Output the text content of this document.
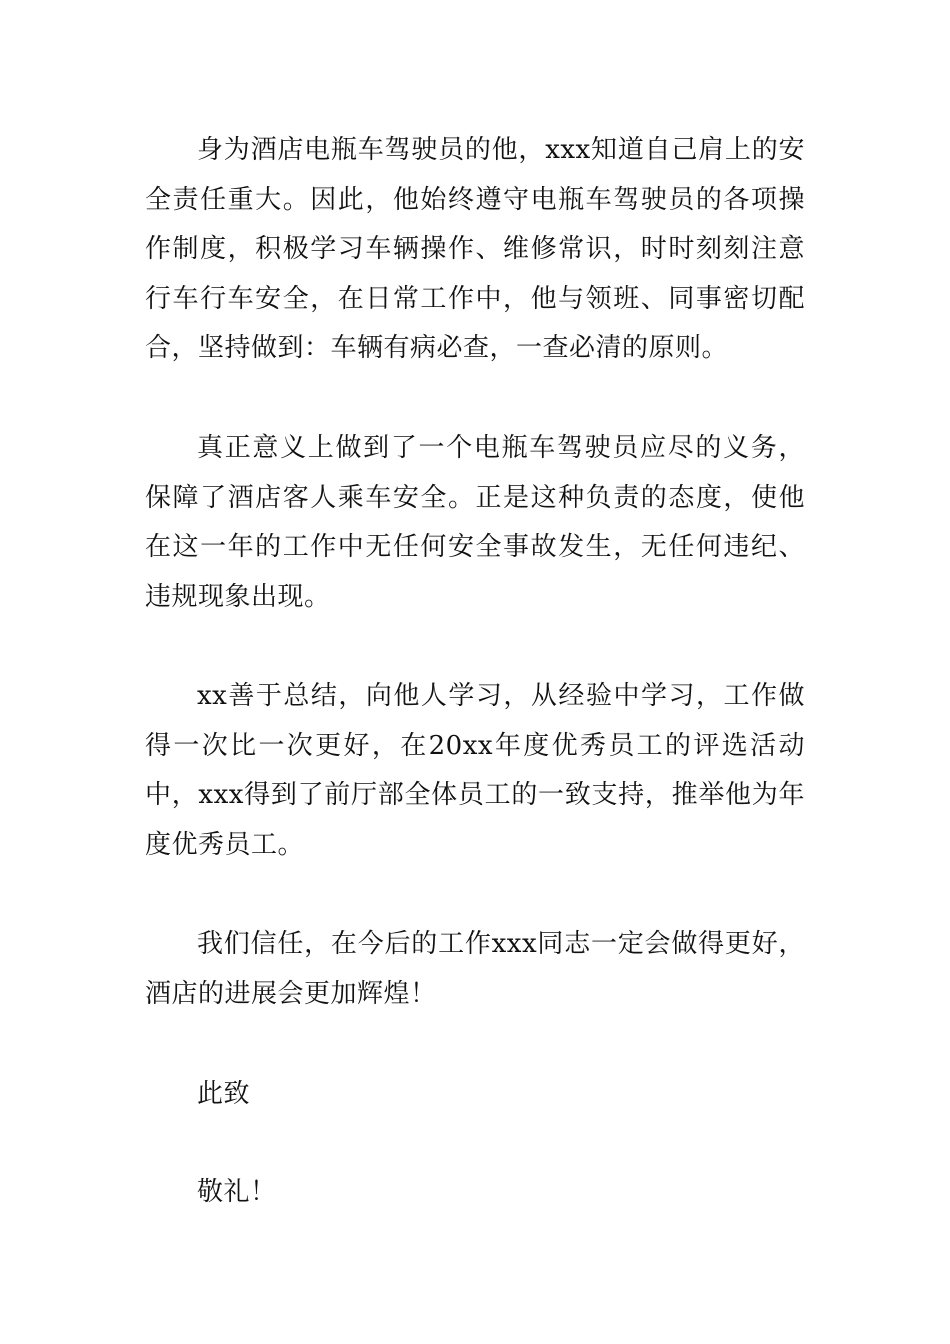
身为酒店电瓶车驾驶员的他，xxx知道自己肩上的安全责任重大。因此，他始终遵守电瓶车驾驶员的各项操作制度，积极学习车辆操作、维修常识，时时刻刻注意行车行车安全，在日常工作中，他与领班、同事密切配合，坚持做到：车辆有病必查，一查必清的原则。

真正意义上做到了一个电瓶车驾驶员应尽的义务，保障了酒店客人乘车安全。正是这种负责的态度，使他在这一年的工作中无任何安全事故发生，无任何违纪、违规现象出现。

xx善于总结，向他人学习，从经验中学习，工作做得一次比一次更好，在20xx年度优秀员工的评选活动中，xxx得到了前厅部全体员工的一致支持，推举他为年度优秀员工。

我们信任，在今后的工作xxx同志一定会做得更好，酒店的进展会更加辉煌！

此致

敬礼！
